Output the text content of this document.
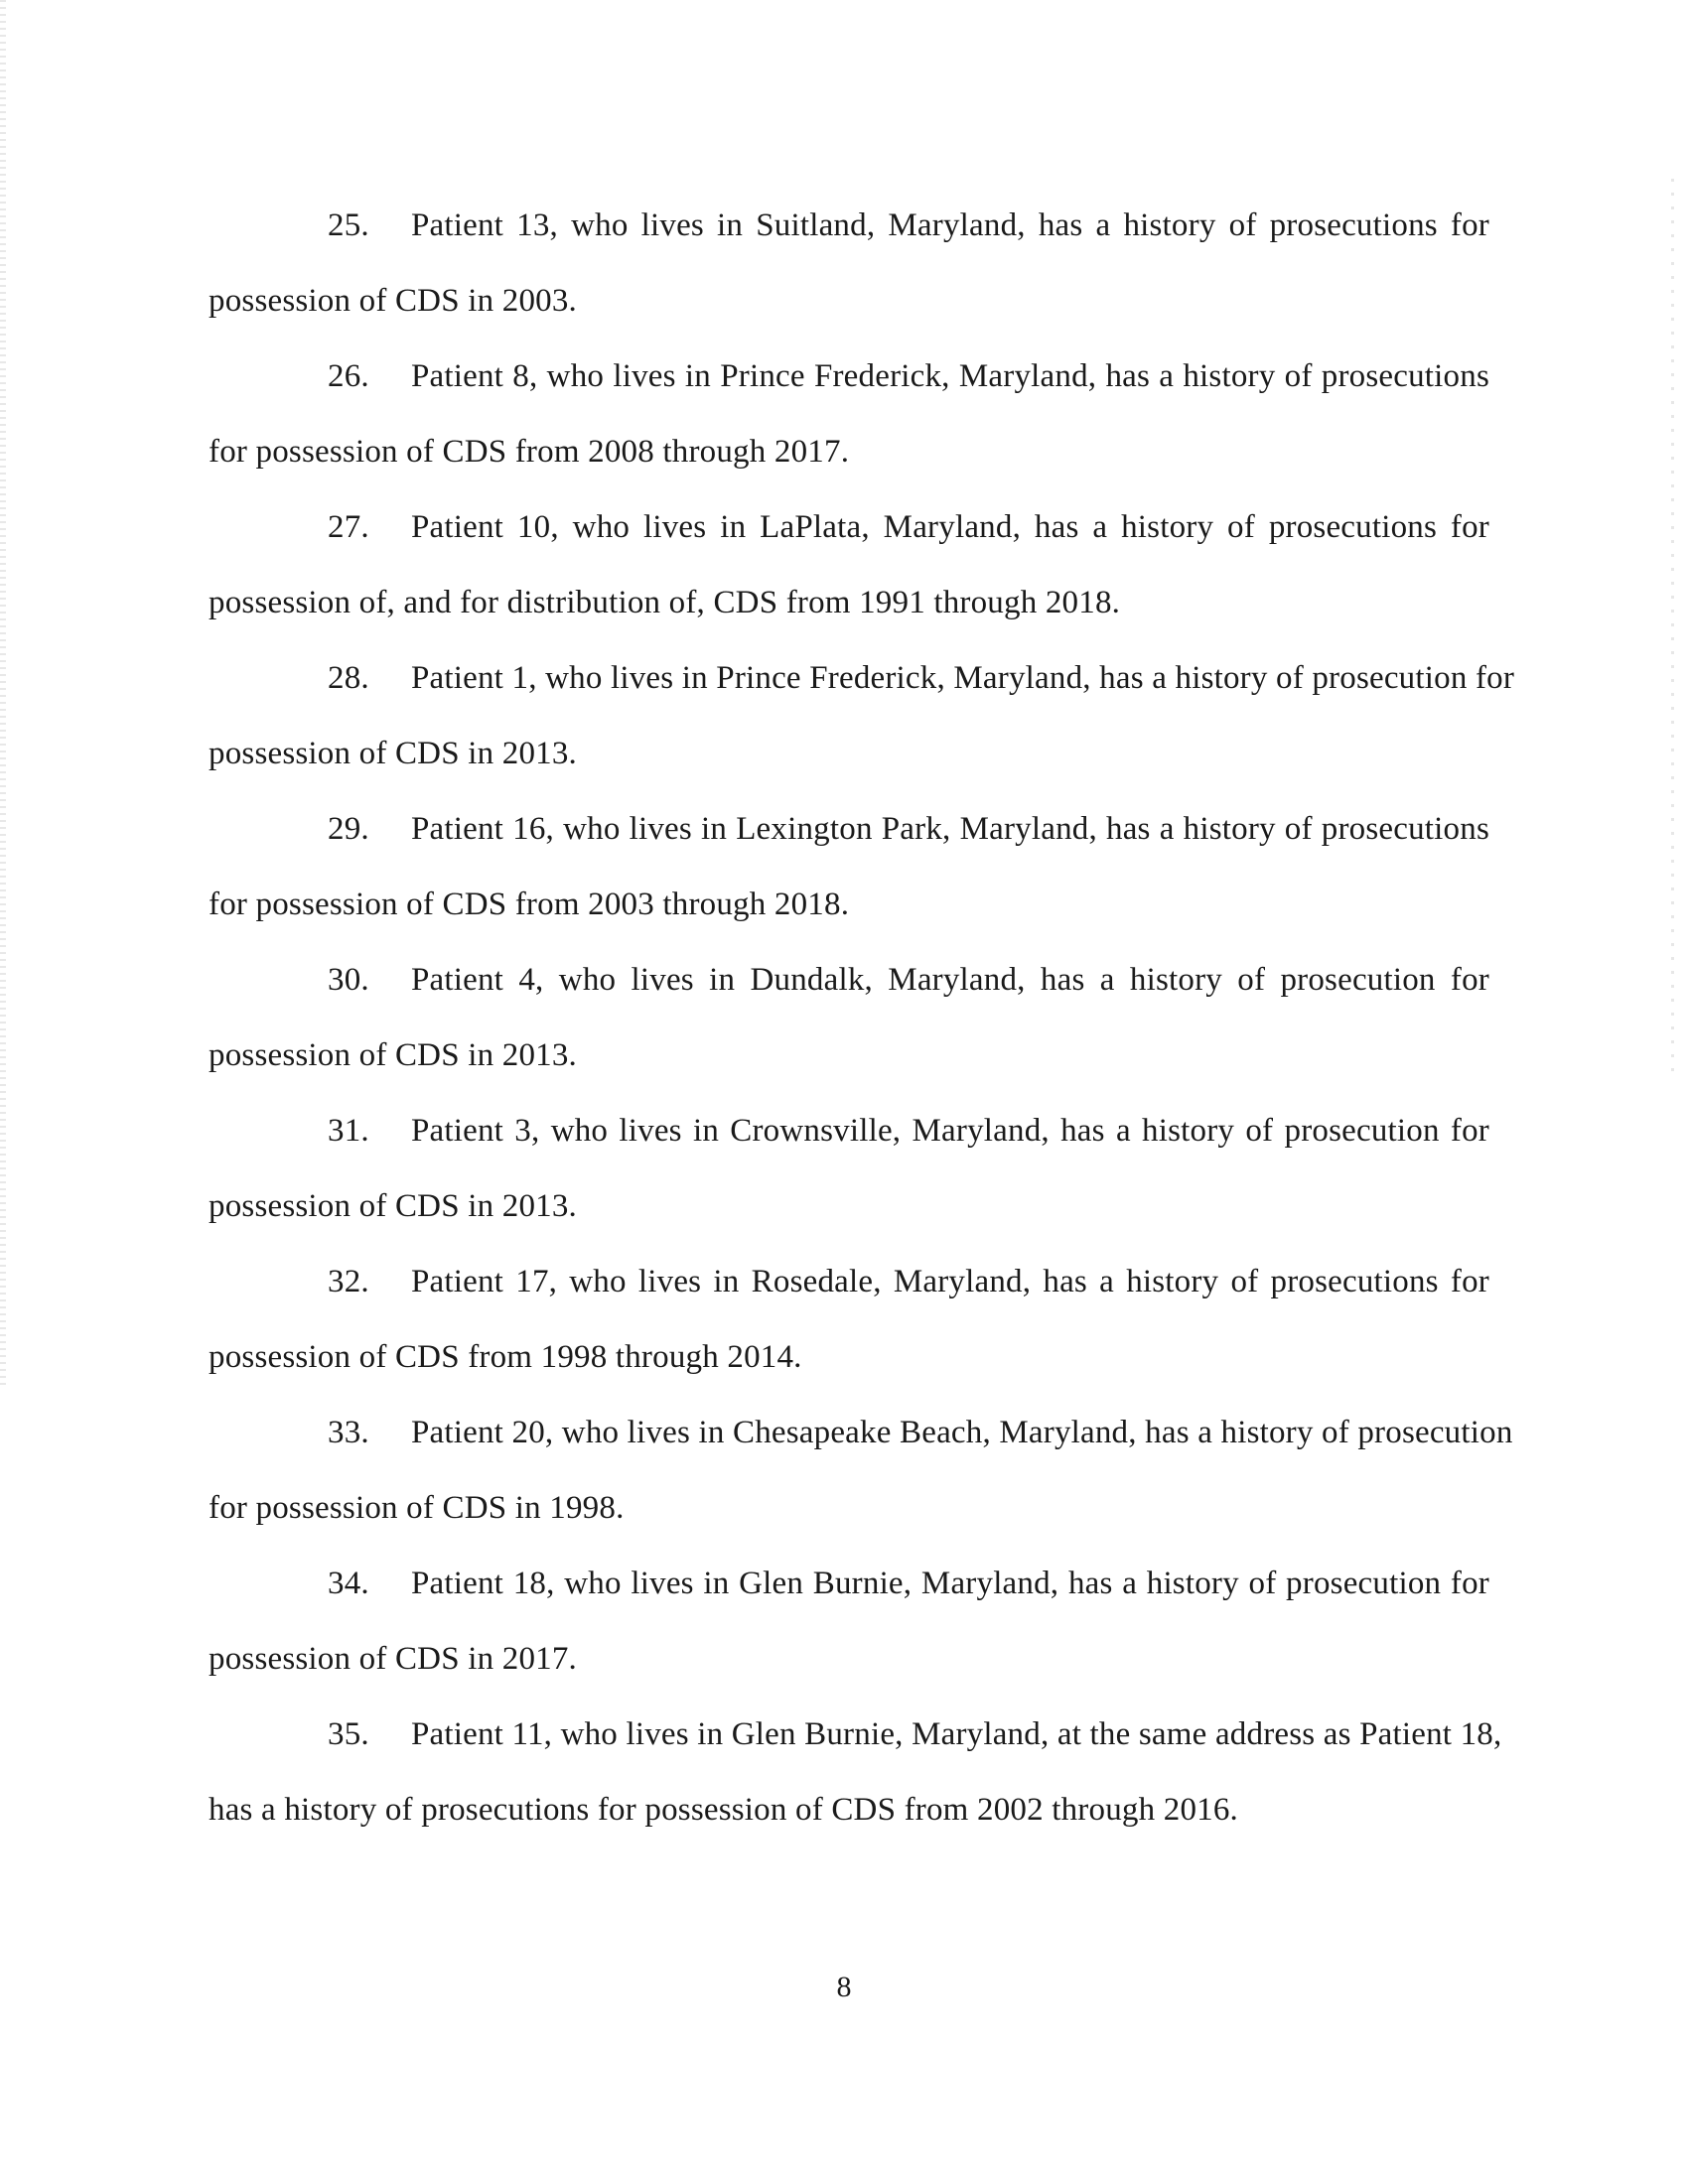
25. Patient 13, who lives in Suitland, Maryland, has a history of prosecutions for
possession of CDS in 2003.
26. Patient 8, who lives in Prince Frederick, Maryland, has a history of prosecutions
for possession of CDS from 2008 through 2017.
27. Patient 10, who lives in LaPlata, Maryland, has a history of prosecutions for
possession of, and for distribution of, CDS from 1991 through 2018.
28. Patient 1, who lives in Prince Frederick, Maryland, has a history of prosecution for
possession of CDS in 2013.
29. Patient 16, who lives in Lexington Park, Maryland, has a history of prosecutions
for possession of CDS from 2003 through 2018.
30. Patient 4, who lives in Dundalk, Maryland, has a history of prosecution for
possession of CDS in 2013.
31. Patient 3, who lives in Crownsville, Maryland, has a history of prosecution for
possession of CDS in 2013.
32. Patient 17, who lives in Rosedale, Maryland, has a history of prosecutions for
possession of CDS from 1998 through 2014.
33. Patient 20, who lives in Chesapeake Beach, Maryland, has a history of prosecution
for possession of CDS in 1998.
34. Patient 18, who lives in Glen Burnie, Maryland, has a history of prosecution for
possession of CDS in 2017.
35. Patient 11, who lives in Glen Burnie, Maryland, at the same address as Patient 18,
has a history of prosecutions for possession of CDS from 2002 through 2016.
8
